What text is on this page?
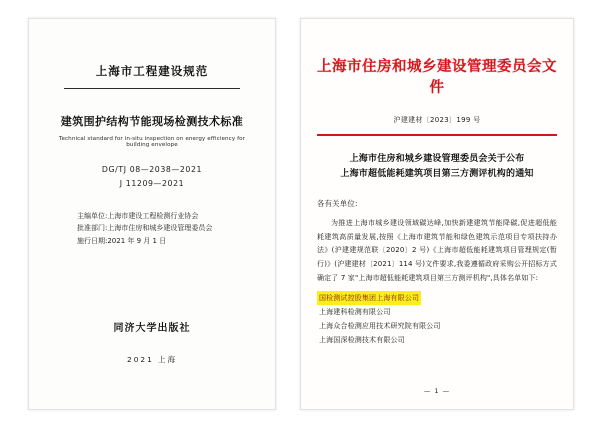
上海市工程建设规范
建筑围护结构节能现场检测技术标准
Technical standard for in-situ inspection on energy efficiency for building envelope
DG/TJ 08—2038—2021
J 11209—2021
主编单位:上海市建设工程检测行业协会
批准部门:上海市住房和城乡建设管理委员会
施行日期:2021 年 9 月 1 日
同济大学出版社
2021 上海
上海市住房和城乡建设管理委员会文件
沪建建材〔2023〕199 号
上海市住房和城乡建设管理委员会关于公布
上海市超低能耗建筑项目第三方测评机构的通知
各有关单位:
为推进上海市城乡建设领域碳达峰,加快新建建筑节能降碳,促进超低能耗建筑高质量发展,按照《上海市建筑节能和绿色建筑示范项目专项扶持办法》(沪建建规范联〔2020〕2 号)《上海市超低能耗建筑项目管理规定(暂行)》(沪建建材〔2021〕114 号)文件要求,我委遵循政府采购公开招标方式确定了 7 家"上海市超低能耗建筑项目第三方测评机构",具体名单如下:
国检测试控股集团上海有限公司
上海建科检测有限公司
上海众合检测应用技术研究院有限公司
上海国深检测技术有限公司
— 1 —
